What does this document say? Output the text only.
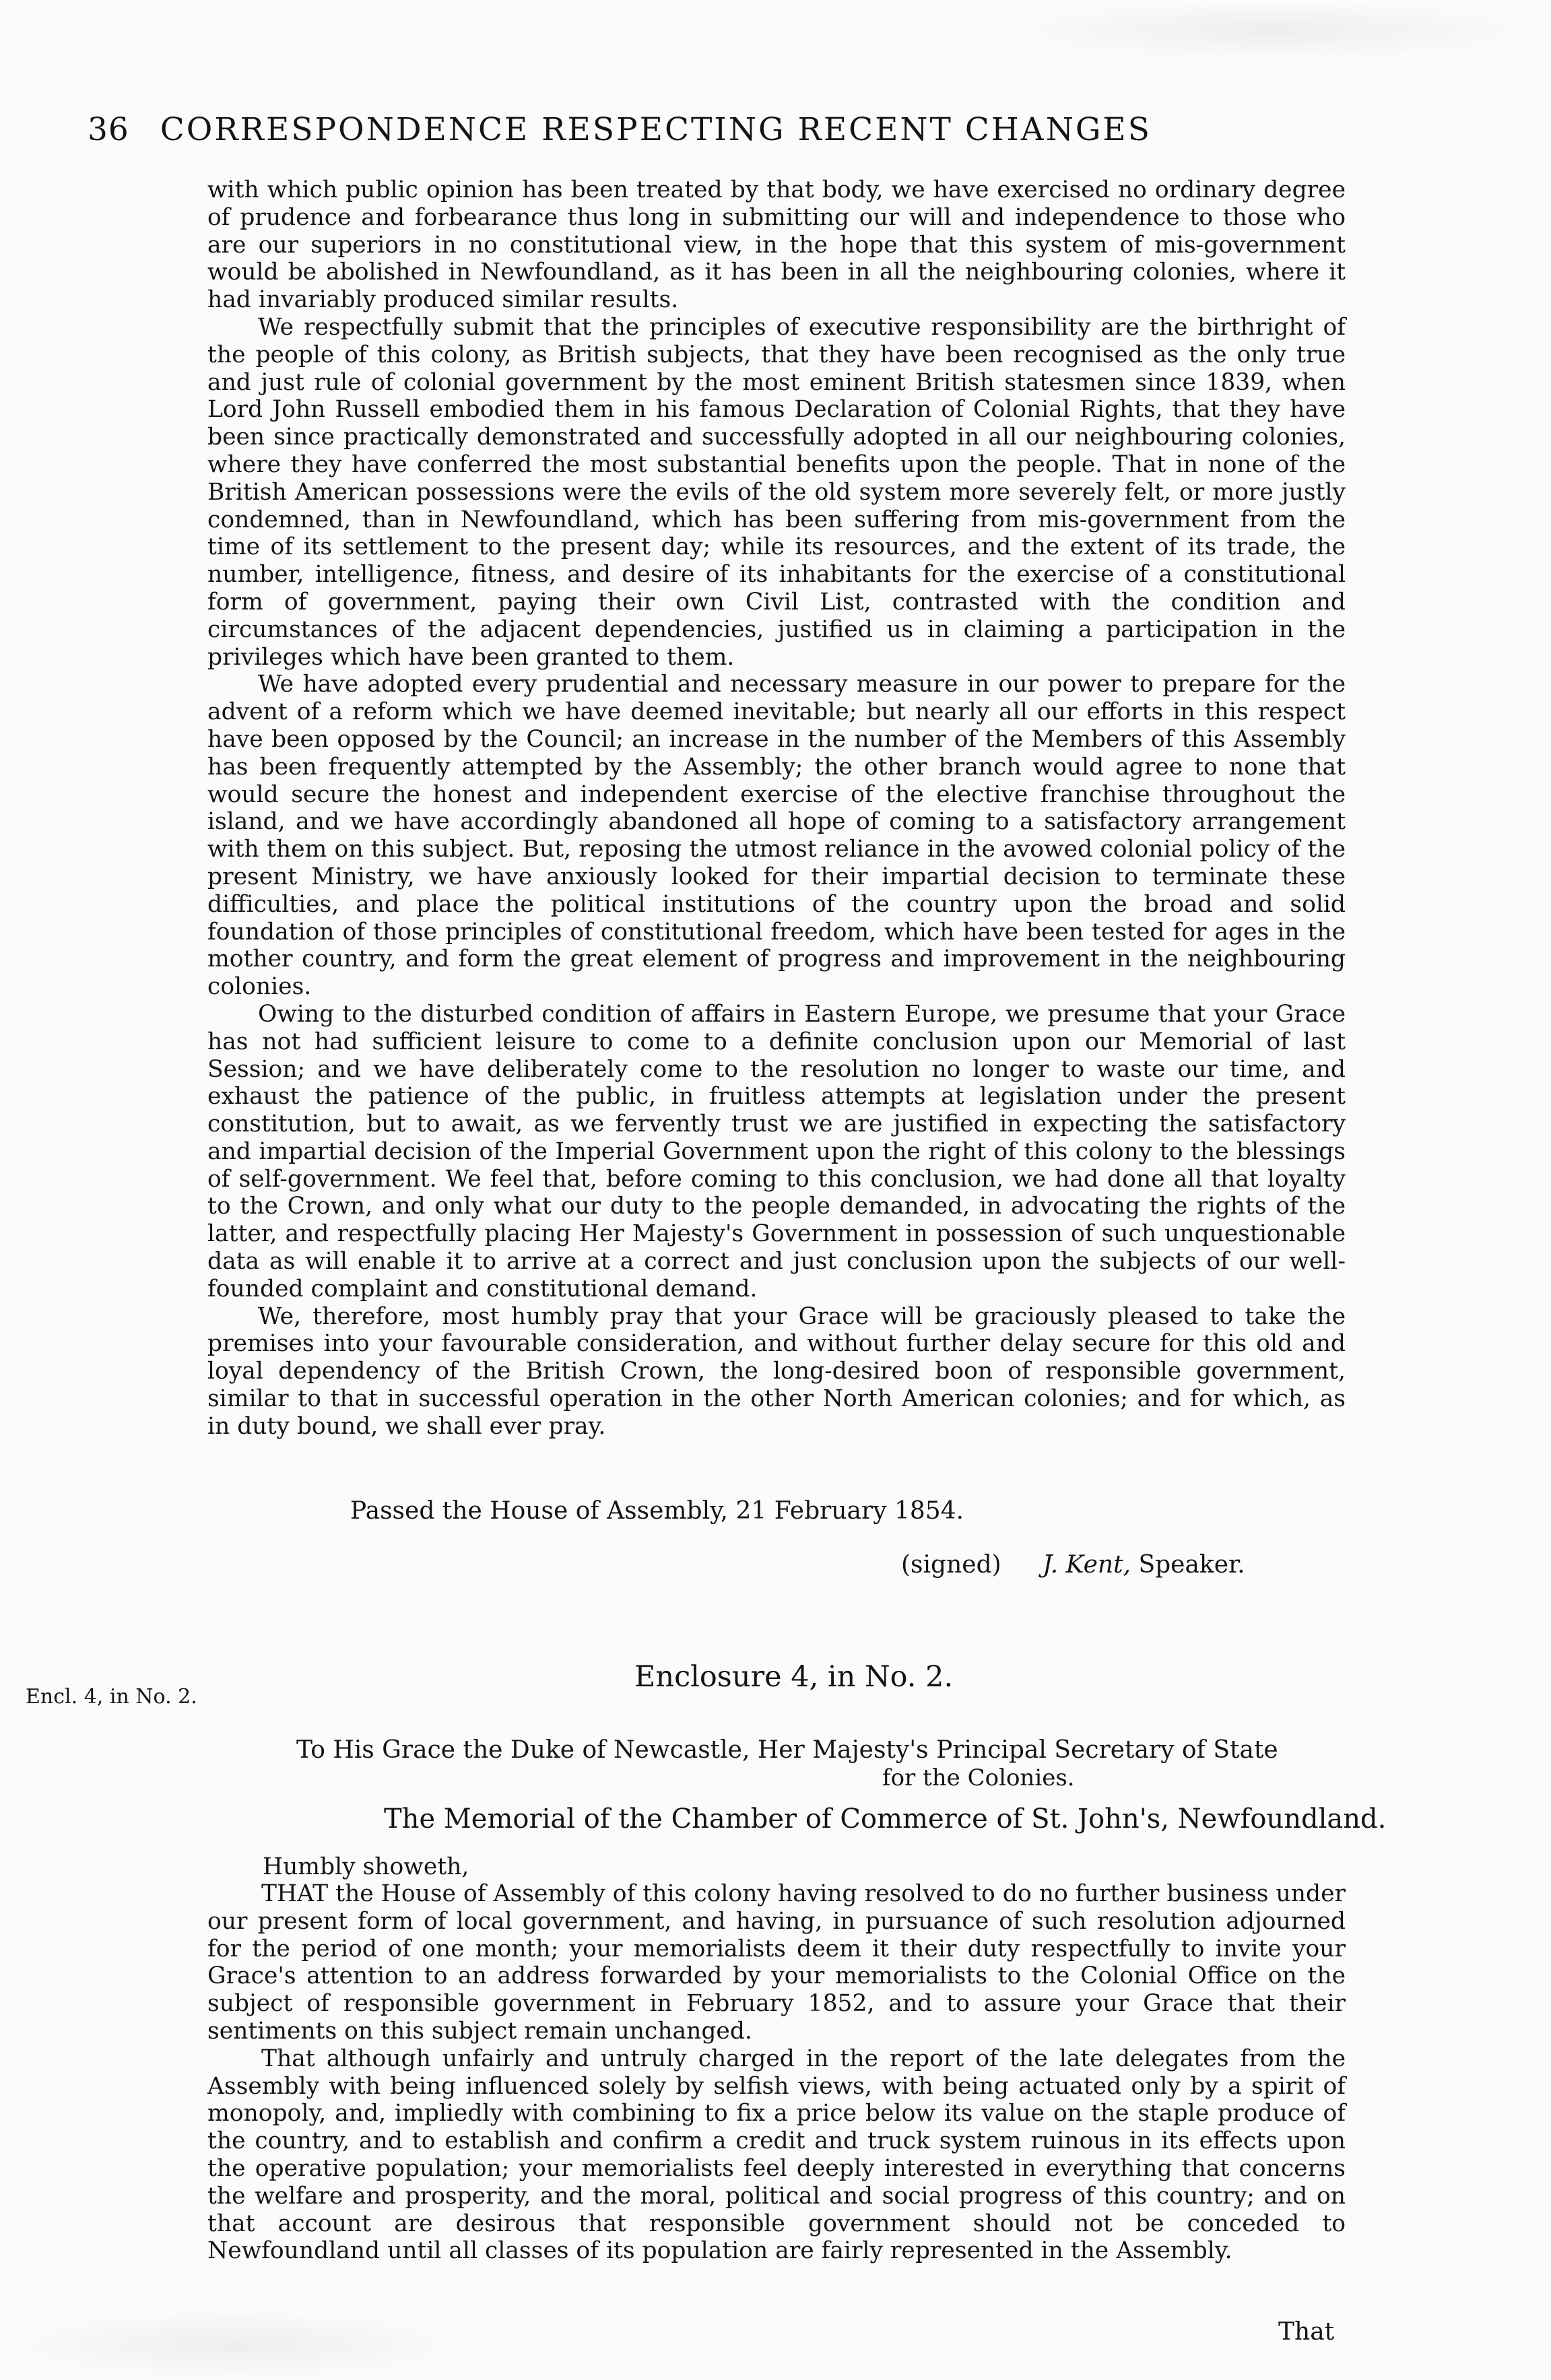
36 CORRESPONDENCE RESPECTING RECENT CHANGES

with which public opinion has been treated by that body, we have exercised no ordinary degree of prudence and forbearance thus long in submitting our will and independence to those who are our superiors in no constitutional view, in the hope that this system of mis-government would be abolished in Newfoundland, as it has been in all the neighbouring colonies, where it had invariably produced similar results.

We respectfully submit that the principles of executive responsibility are the birthright of the people of this colony, as British subjects, that they have been recognised as the only true and just rule of colonial government by the most eminent British statesmen since 1839, when Lord John Russell embodied them in his famous Declaration of Colonial Rights, that they have been since practically demonstrated and successfully adopted in all our neighbouring colonies, where they have conferred the most substantial benefits upon the people. That in none of the British American possessions were the evils of the old system more severely felt, or more justly condemned, than in Newfoundland, which has been suffering from mis-government from the time of its settlement to the present day; while its resources, and the extent of its trade, the number, intelligence, fitness, and desire of its inhabitants for the exercise of a constitutional form of government, paying their own Civil List, contrasted with the condition and circumstances of the adjacent dependencies, justified us in claiming a participation in the privileges which have been granted to them.

We have adopted every prudential and necessary measure in our power to prepare for the advent of a reform which we have deemed inevitable; but nearly all our efforts in this respect have been opposed by the Council; an increase in the number of the Members of this Assembly has been frequently attempted by the Assembly; the other branch would agree to none that would secure the honest and independent exercise of the elective franchise throughout the island, and we have accordingly abandoned all hope of coming to a satisfactory arrangement with them on this subject. But, reposing the utmost reliance in the avowed colonial policy of the present Ministry, we have anxiously looked for their impartial decision to terminate these difficulties, and place the political institutions of the country upon the broad and solid foundation of those principles of constitutional freedom, which have been tested for ages in the mother country, and form the great element of progress and improvement in the neighbouring colonies.

Owing to the disturbed condition of affairs in Eastern Europe, we presume that your Grace has not had sufficient leisure to come to a definite conclusion upon our Memorial of last Session; and we have deliberately come to the resolution no longer to waste our time, and exhaust the patience of the public, in fruitless attempts at legislation under the present constitution, but to await, as we fervently trust we are justified in expecting the satisfactory and impartial decision of the Imperial Government upon the right of this colony to the blessings of self-government. We feel that, before coming to this conclusion, we had done all that loyalty to the Crown, and only what our duty to the people demanded, in advocating the rights of the latter, and respectfully placing Her Majesty's Government in possession of such unquestionable data as will enable it to arrive at a correct and just conclusion upon the subjects of our well-founded complaint and constitutional demand.

We, therefore, most humbly pray that your Grace will be graciously pleased to take the premises into your favourable consideration, and without further delay secure for this old and loyal dependency of the British Crown, the long-desired boon of responsible government, similar to that in successful operation in the other North American colonies; and for which, as in duty bound, we shall ever pray.

Passed the House of Assembly, 21 February 1854.
(signed) J. Kent, Speaker.
Encl. 4, in No. 2.
Enclosure 4, in No. 2.
To His Grace the Duke of Newcastle, Her Majesty's Principal Secretary of State
for the Colonies.
The Memorial of the Chamber of Commerce of St. John's, Newfoundland.
Humbly showeth,

THAT the House of Assembly of this colony having resolved to do no further business under our present form of local government, and having, in pursuance of such resolution adjourned for the period of one month; your memorialists deem it their duty respectfully to invite your Grace's attention to an address forwarded by your memorialists to the Colonial Office on the subject of responsible government in February 1852, and to assure your Grace that their sentiments on this subject remain unchanged.

That although unfairly and untruly charged in the report of the late delegates from the Assembly with being influenced solely by selfish views, with being actuated only by a spirit of monopoly, and, impliedly with combining to fix a price below its value on the staple produce of the country, and to establish and confirm a credit and truck system ruinous in its effects upon the operative population; your memorialists feel deeply interested in everything that concerns the welfare and prosperity, and the moral, political and social progress of this country; and on that account are desirous that responsible government should not be conceded to Newfoundland until all classes of its population are fairly represented in the Assembly.

That
